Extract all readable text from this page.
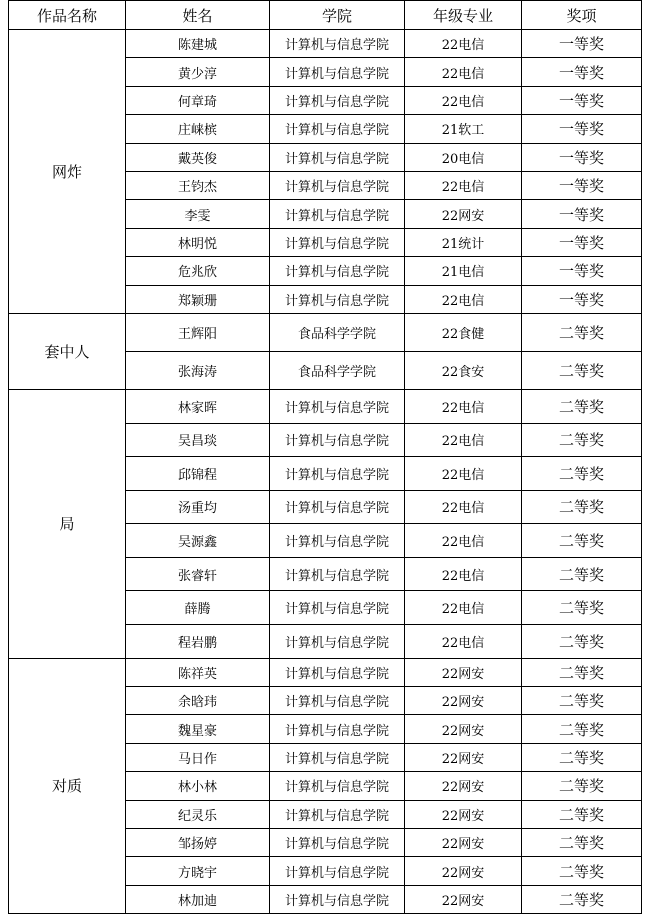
作品名称	姓名	学院	年级专业	奖项
网炸	陈建城	计算机与信息学院	22电信	一等奖
	黄少淳	计算机与信息学院	22电信	一等奖
	何章琦	计算机与信息学院	22电信	一等奖
	庄崃槟	计算机与信息学院	21软工	一等奖
	戴英俊	计算机与信息学院	20电信	一等奖
	王钧杰	计算机与信息学院	22电信	一等奖
	李雯	计算机与信息学院	22网安	一等奖
	林明悦	计算机与信息学院	21统计	一等奖
	危兆欣	计算机与信息学院	21电信	一等奖
	郑颖珊	计算机与信息学院	22电信	一等奖
套中人	王辉阳	食品科学学院	22食健	二等奖
	张海涛	食品科学学院	22食安	二等奖
局	林家晖	计算机与信息学院	22电信	二等奖
	吴昌琰	计算机与信息学院	22电信	二等奖
	邱锦程	计算机与信息学院	22电信	二等奖
	汤重均	计算机与信息学院	22电信	二等奖
	吴源鑫	计算机与信息学院	22电信	二等奖
	张睿轩	计算机与信息学院	22电信	二等奖
	薛腾	计算机与信息学院	22电信	二等奖
	程岩鹏	计算机与信息学院	22电信	二等奖
对质	陈祥英	计算机与信息学院	22网安	二等奖
	余晗玮	计算机与信息学院	22网安	二等奖
	魏星豪	计算机与信息学院	22网安	二等奖
	马日作	计算机与信息学院	22网安	二等奖
	林小林	计算机与信息学院	22网安	二等奖
	纪灵乐	计算机与信息学院	22网安	二等奖
	邹扬婷	计算机与信息学院	22网安	二等奖
	方晓宇	计算机与信息学院	22网安	二等奖
	林加迪	计算机与信息学院	22网安	二等奖
